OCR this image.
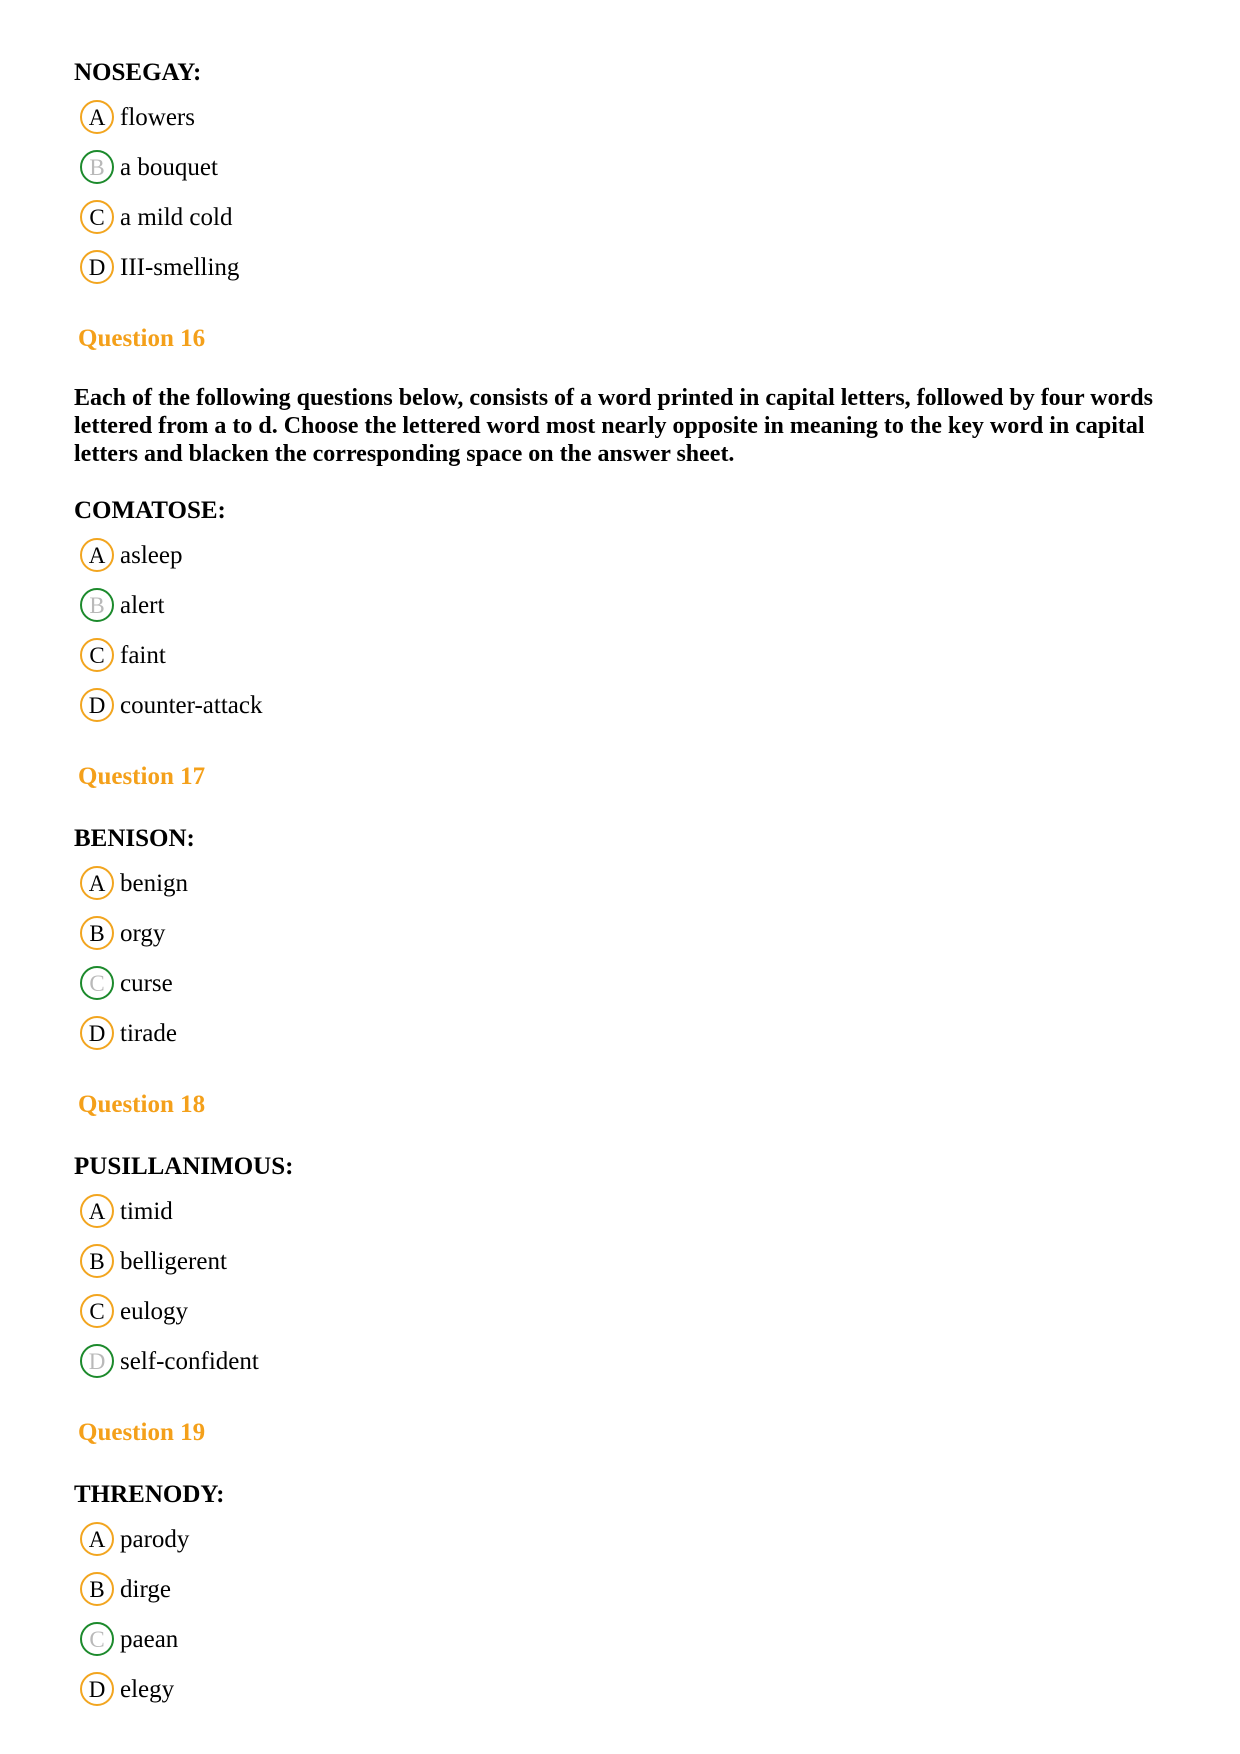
NOSEGAY:
A flowers
B a bouquet
C a mild cold
D III-smelling
Question 16
Each of the following questions below, consists of a word printed in capital letters, followed by four words lettered from a to d. Choose the lettered word most nearly opposite in meaning to the key word in capital letters and blacken the corresponding space on the answer sheet.
COMATOSE:
A asleep
B alert
C faint
D counter-attack
Question 17
BENISON:
A benign
B orgy
C curse
D tirade
Question 18
PUSILLANIMOUS:
A timid
B belligerent
C eulogy
D self-confident
Question 19
THRENODY:
A parody
B dirge
C paean
D elegy
